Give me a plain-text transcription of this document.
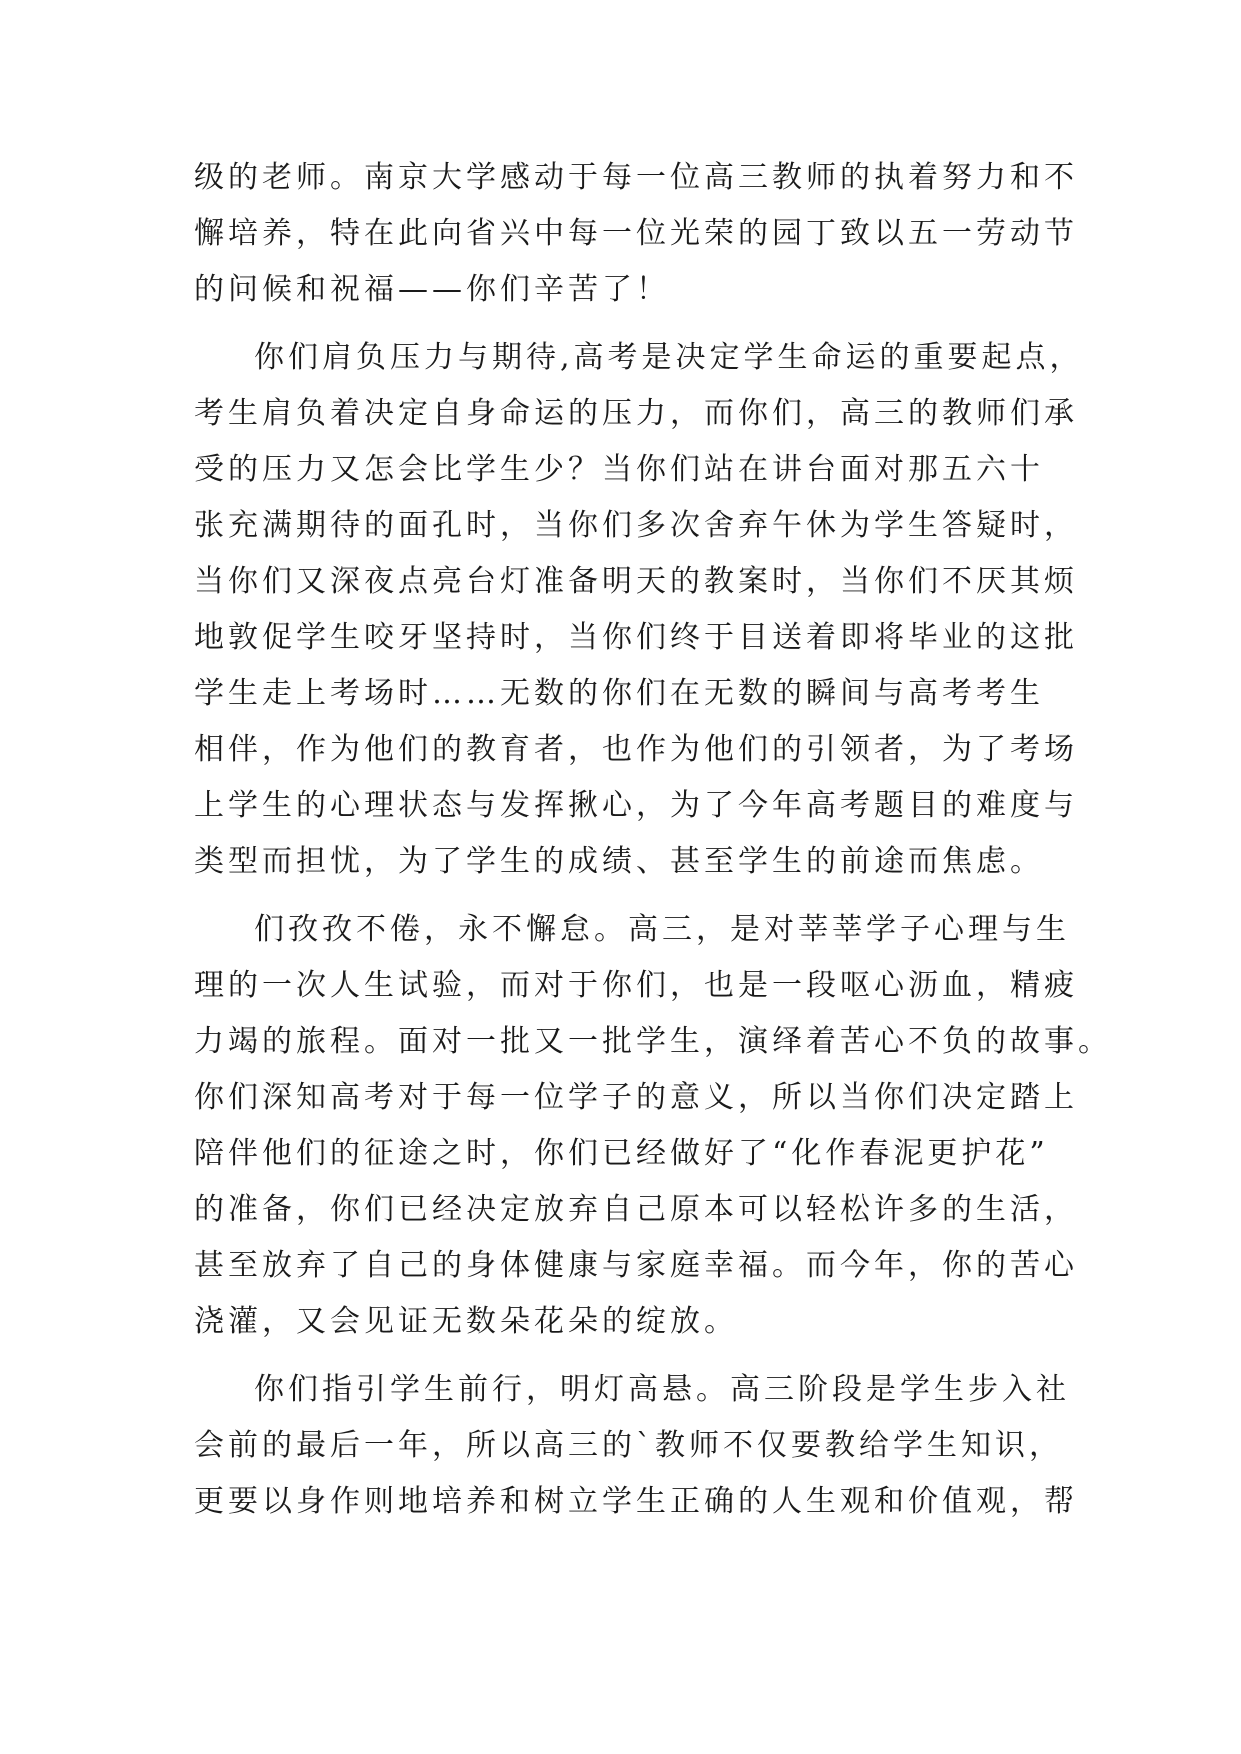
级的老师。南京大学感动于每一位高三教师的执着努力和不
懈培养，特在此向省兴中每一位光荣的园丁致以五一劳动节
的问候和祝福——你们辛苦了！
你们肩负压力与期待,高考是决定学生命运的重要起点，
考生肩负着决定自身命运的压力，而你们，高三的教师们承
受的压力又怎会比学生少？当你们站在讲台面对那五六十
张充满期待的面孔时，当你们多次舍弃午休为学生答疑时，
当你们又深夜点亮台灯准备明天的教案时，当你们不厌其烦
地敦促学生咬牙坚持时，当你们终于目送着即将毕业的这批
学生走上考场时……无数的你们在无数的瞬间与高考考生
相伴，作为他们的教育者，也作为他们的引领者，为了考场
上学生的心理状态与发挥揪心，为了今年高考题目的难度与
类型而担忧，为了学生的成绩、甚至学生的前途而焦虑。
们孜孜不倦，永不懈怠。高三，是对莘莘学子心理与生
理的一次人生试验，而对于你们，也是一段呕心沥血，精疲
力竭的旅程。面对一批又一批学生，演绎着苦心不负的故事。
你们深知高考对于每一位学子的意义，所以当你们决定踏上
陪伴他们的征途之时，你们已经做好了“化作春泥更护花”
的准备，你们已经决定放弃自己原本可以轻松许多的生活，
甚至放弃了自己的身体健康与家庭幸福。而今年，你的苦心
浇灌，又会见证无数朵花朵的绽放。
你们指引学生前行，明灯高悬。高三阶段是学生步入社
会前的最后一年，所以高三的`教师不仅要教给学生知识，
更要以身作则地培养和树立学生正确的人生观和价值观，帮
